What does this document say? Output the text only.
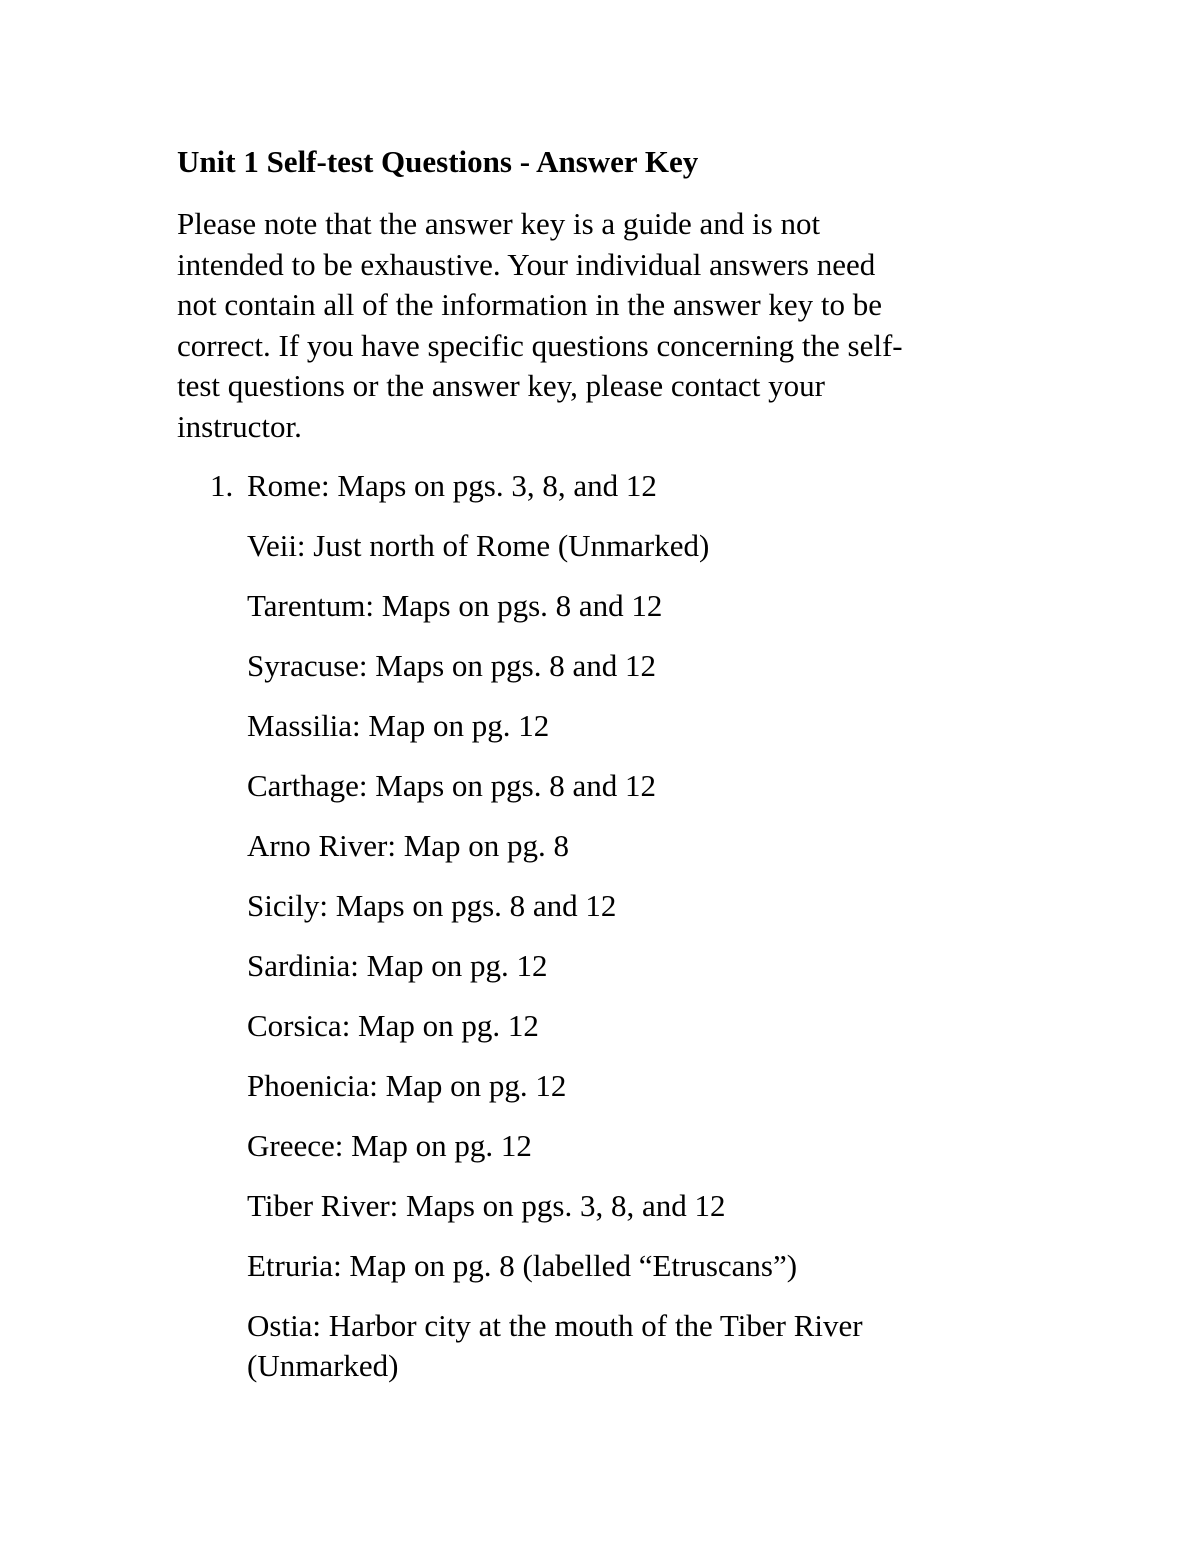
Unit 1 Self-test Questions - Answer Key
Please note that the answer key is a guide and is not
intended to be exhaustive. Your individual answers need
not contain all of the information in the answer key to be
correct. If you have specific questions concerning the self-
test questions or the answer key, please contact your
instructor.
1. Rome: Maps on pgs. 3, 8, and 12

Veii: Just north of Rome (Unmarked)

Tarentum: Maps on pgs. 8 and 12

Syracuse: Maps on pgs. 8 and 12

Massilia: Map on pg. 12

Carthage: Maps on pgs. 8 and 12

Arno River: Map on pg. 8

Sicily: Maps on pgs. 8 and 12

Sardinia: Map on pg. 12

Corsica: Map on pg. 12

Phoenicia: Map on pg. 12

Greece: Map on pg. 12

Tiber River: Maps on pgs. 3, 8, and 12

Etruria: Map on pg. 8 (labelled “Etruscans”)

Ostia: Harbor city at the mouth of the Tiber River
(Unmarked)
